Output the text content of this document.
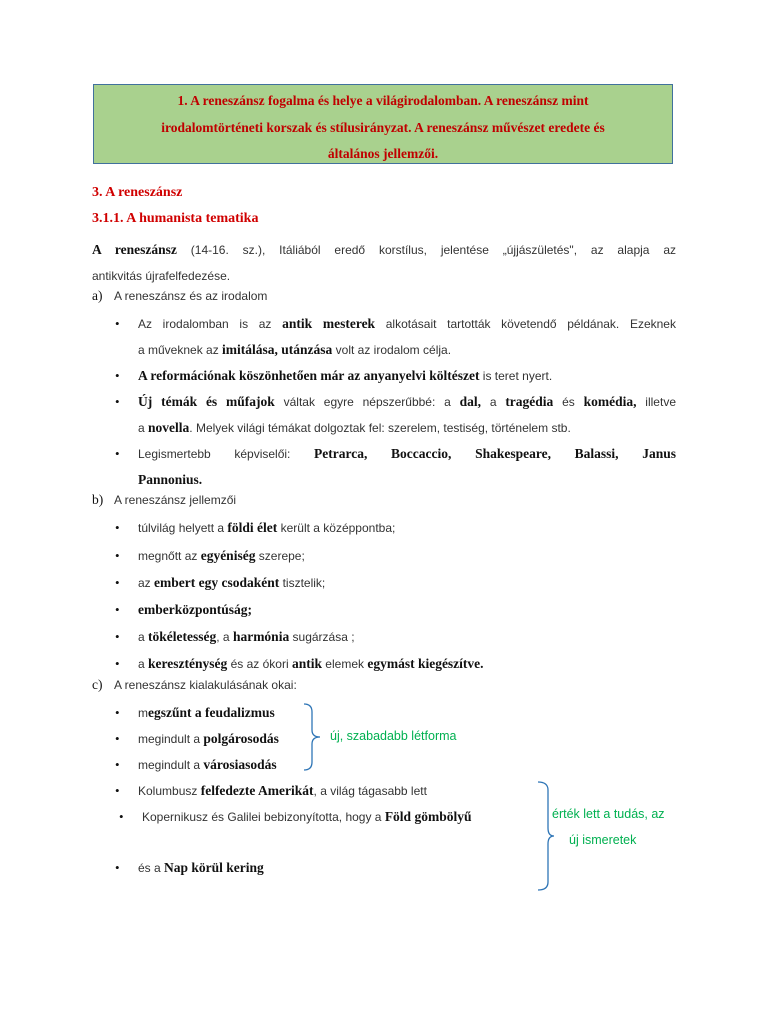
1. A reneszánsz fogalma és helye a világirodalomban. A reneszánsz mint
irodalomtörténeti korszak és stílusirányzat. A reneszánsz művészet eredete és
általános jellemzői.
3. A reneszánsz
3.1.1. A humanista tematika
A reneszánsz (14-16. sz.), Itáliából eredő korstílus, jelentése „újjászületés", az alapja az
antikvitás újrafelfedezése.
a) A reneszánsz és az irodalom
• Az irodalomban is az antik mesterek alkotásait tartották követendő példának. Ezeknek
a műveknek az imitálása, utánzása volt az irodalom célja.
• A reformációnak köszönhetően már az anyanyelvi költészet is teret nyert.
• Új témák és műfajok váltak egyre népszerűbbé: a dal, a tragédia és komédia, illetve
a novella. Melyek világi témákat dolgoztak fel: szerelem, testiség, történelem stb.
• Legismertebb képviselői: Petrarca, Boccaccio, Shakespeare, Balassi, Janus
Pannonius.
b) A reneszánsz jellemzői
• túlvilág helyett a földi élet került a középpontba;
• megnőtt az egyéniség szerepe;
• az embert egy csodaként tisztelik;
• emberközpontúság;
• a tökéletesség, a harmónia sugárzása ;
• a kereszténység és az ókori antik elemek egymást kiegészítve.
c) A reneszánsz kialakulásának okai:
• megszűnt a feudalizmus
• megindult a polgárosodás
• megindult a városiasodás
• Kolumbusz felfedezte Amerikát, a világ tágasabb lett
• Kopernikusz és Galilei bebizonyította, hogy a Föld gömbölyű
• és a Nap körül kering
új, szabadabb létforma
érték lett a tudás, az
új ismeretek
